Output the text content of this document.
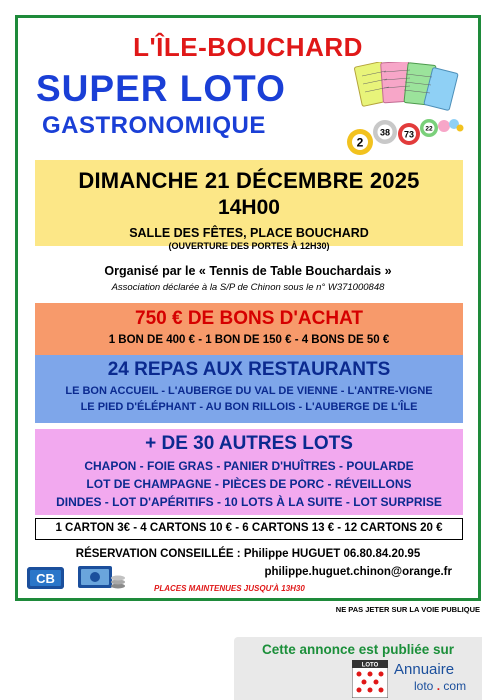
L'ÎLE-BOUCHARD
SUPER LOTO
GASTRONOMIQUE
2
38 73
22
DIMANCHE 21 DÉCEMBRE 2025
14H00
SALLE DES FÊTES, PLACE BOUCHARD
(OUVERTURE DES PORTES À 12H30)
Organisé par le « Tennis de Table Bouchardais »
Association déclarée à la S/P de Chinon sous le n° W371000848
750 € DE BONS D'ACHAT
1 BON DE 400 € - 1 BON DE 150 € - 4 BONS DE 50 €
24 REPAS AUX RESTAURANTS
LE BON ACCUEIL - L'AUBERGE DU VAL DE VIENNE - L'ANTRE-VIGNE
LE PIED D'ÉLÉPHANT - AU BON RILLOIS - L'AUBERGE DE L'ÎLE
+ DE 30 AUTRES LOTS
CHAPON - FOIE GRAS - PANIER D'HUÎTRES - POULARDE
LOT DE CHAMPAGNE - PIÈCES DE PORC - RÉVEILLONS
DINDES - LOT D'APÉRITIFS - 10 LOTS À LA SUITE - LOT SURPRISE
1 CARTON 3€ - 4 CARTONS 10 € - 6 CARTONS 13 € - 12 CARTONS 20 €
RÉSERVATION CONSEILLÉE : Philippe HUGUET 06.80.84.20.95
philippe.huguet.chinon@orange.fr
PLACES MAINTENUES JUSQU'À 13H30
CB
NE PAS JETER SUR LA VOIE PUBLIQUE
Cette annonce est publiée sur
LOTO Annuaire
loto . com
